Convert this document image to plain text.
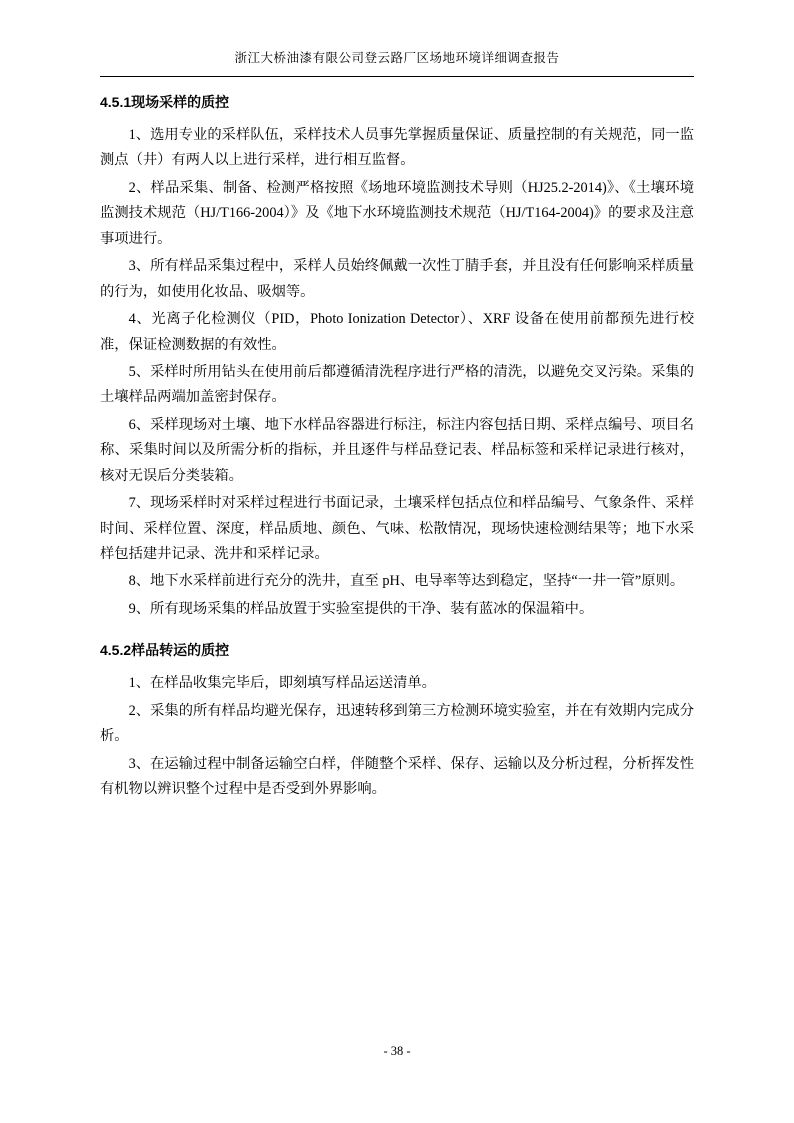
浙江大桥油漆有限公司登云路厂区场地环境详细调查报告
4.5.1现场采样的质控

1、选用专业的采样队伍，采样技术人员事先掌握质量保证、质量控制的有关规范，同一监测点（井）有两人以上进行采样，进行相互监督。

2、样品采集、制备、检测严格按照《场地环境监测技术导则（HJ25.2-2014)》、《土壤环境监测技术规范（HJ/T166-2004）》及《地下水环境监测技术规范（HJ/T164-2004)》的要求及注意事项进行。

3、所有样品采集过程中，采样人员始终佩戴一次性丁腈手套，并且没有任何影响采样质量的行为，如使用化妆品、吸烟等。

4、光离子化检测仪（PID，Photo Ionization Detector）、XRF 设备在使用前都预先进行校准，保证检测数据的有效性。

5、采样时所用钻头在使用前后都遵循清洗程序进行严格的清洗，以避免交叉污染。采集的土壤样品两端加盖密封保存。

6、采样现场对土壤、地下水样品容器进行标注，标注内容包括日期、采样点编号、项目名称、采集时间以及所需分析的指标，并且逐件与样品登记表、样品标签和采样记录进行核对，核对无误后分类装箱。

7、现场采样时对采样过程进行书面记录，土壤采样包括点位和样品编号、气象条件、采样时间、采样位置、深度，样品质地、颜色、气味、松散情况，现场快速检测结果等；地下水采样包括建井记录、洗井和采样记录。

8、地下水采样前进行充分的洗井，直至 pH、电导率等达到稳定，坚持“一井一管”原则。

9、所有现场采集的样品放置于实验室提供的干净、装有蓝冰的保温箱中。

4.5.2样品转运的质控

1、在样品收集完毕后，即刻填写样品运送清单。

2、采集的所有样品均避光保存，迅速转移到第三方检测环境实验室，并在有效期内完成分析。

3、在运输过程中制备运输空白样，伴随整个采样、保存、运输以及分析过程，分析挥发性有机物以辨识整个过程中是否受到外界影响。

- 38 -
